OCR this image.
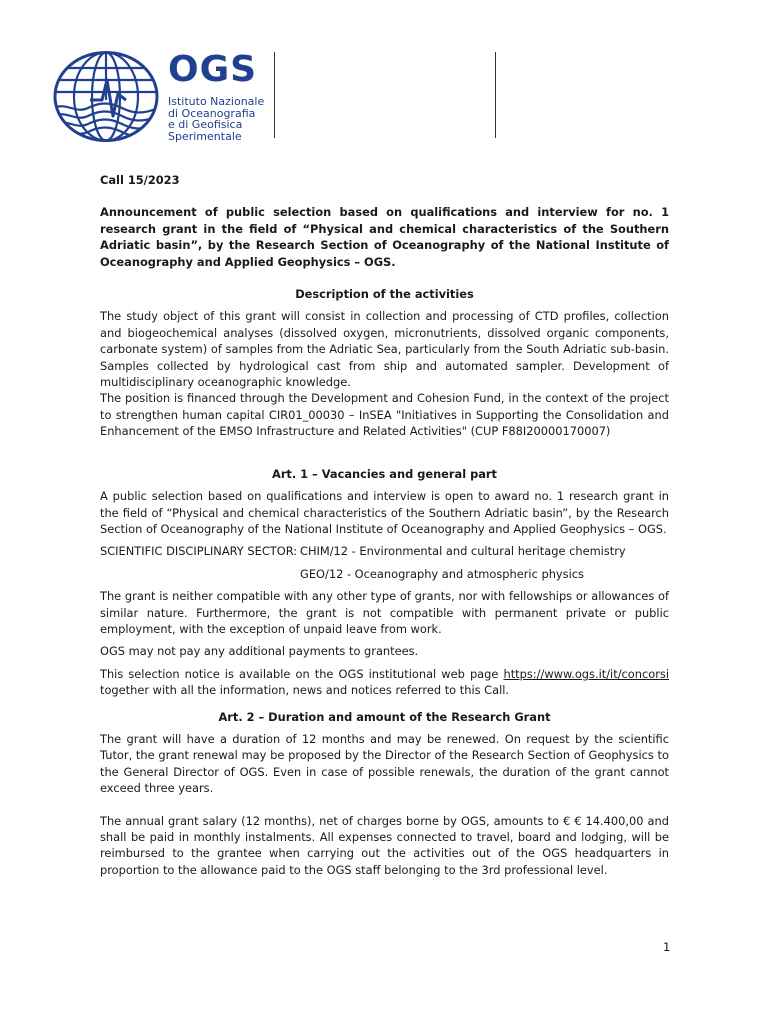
OGS
Istituto Nazionale
di Oceanografia
e di Geofisica
Sperimentale

Call 15/2023

Announcement of public selection based on qualifications and interview for no. 1 research grant in the field of “Physical and chemical characteristics of the Southern Adriatic basin”, by the Research Section of Oceanography of the National Institute of Oceanography and Applied Geophysics – OGS.

Description of the activities

The study object of this grant will consist in collection and processing of CTD profiles, collection and biogeochemical analyses (dissolved oxygen, micronutrients, dissolved organic components, carbonate system) of samples from the Adriatic Sea, particularly from the South Adriatic sub-basin. Samples collected by hydrological cast from ship and automated sampler. Development of multidisciplinary oceanographic knowledge.

The position is financed through the Development and Cohesion Fund, in the context of the project to strengthen human capital CIR01_00030 – InSEA "Initiatives in Supporting the Consolidation and Enhancement of the EMSO Infrastructure and Related Activities" (CUP F88I20000170007)

Art. 1 – Vacancies and general part

A public selection based on qualifications and interview is open to award no. 1 research grant in the field of “Physical and chemical characteristics of the Southern Adriatic basin”, by the Research Section of Oceanography of the National Institute of Oceanography and Applied Geophysics – OGS.

SCIENTIFIC DISCIPLINARY SECTOR: CHIM/12 - Environmental and cultural heritage chemistry

GEO/12 - Oceanography and atmospheric physics

The grant is neither compatible with any other type of grants, nor with fellowships or allowances of similar nature. Furthermore, the grant is not compatible with permanent private or public employment, with the exception of unpaid leave from work.

OGS may not pay any additional payments to grantees.

This selection notice is available on the OGS institutional web page https://www.ogs.it/it/concorsi together with all the information, news and notices referred to this Call.

Art. 2 – Duration and amount of the Research Grant

The grant will have a duration of 12 months and may be renewed. On request by the scientific Tutor, the grant renewal may be proposed by the Director of the Research Section of Geophysics to the General Director of OGS. Even in case of possible renewals, the duration of the grant cannot exceed three years.

The annual grant salary (12 months), net of charges borne by OGS, amounts to € € 14.400,00 and shall be paid in monthly instalments. All expenses connected to travel, board and lodging, will be reimbursed to the grantee when carrying out the activities out of the OGS headquarters in proportion to the allowance paid to the OGS staff belonging to the 3rd professional level.

1
